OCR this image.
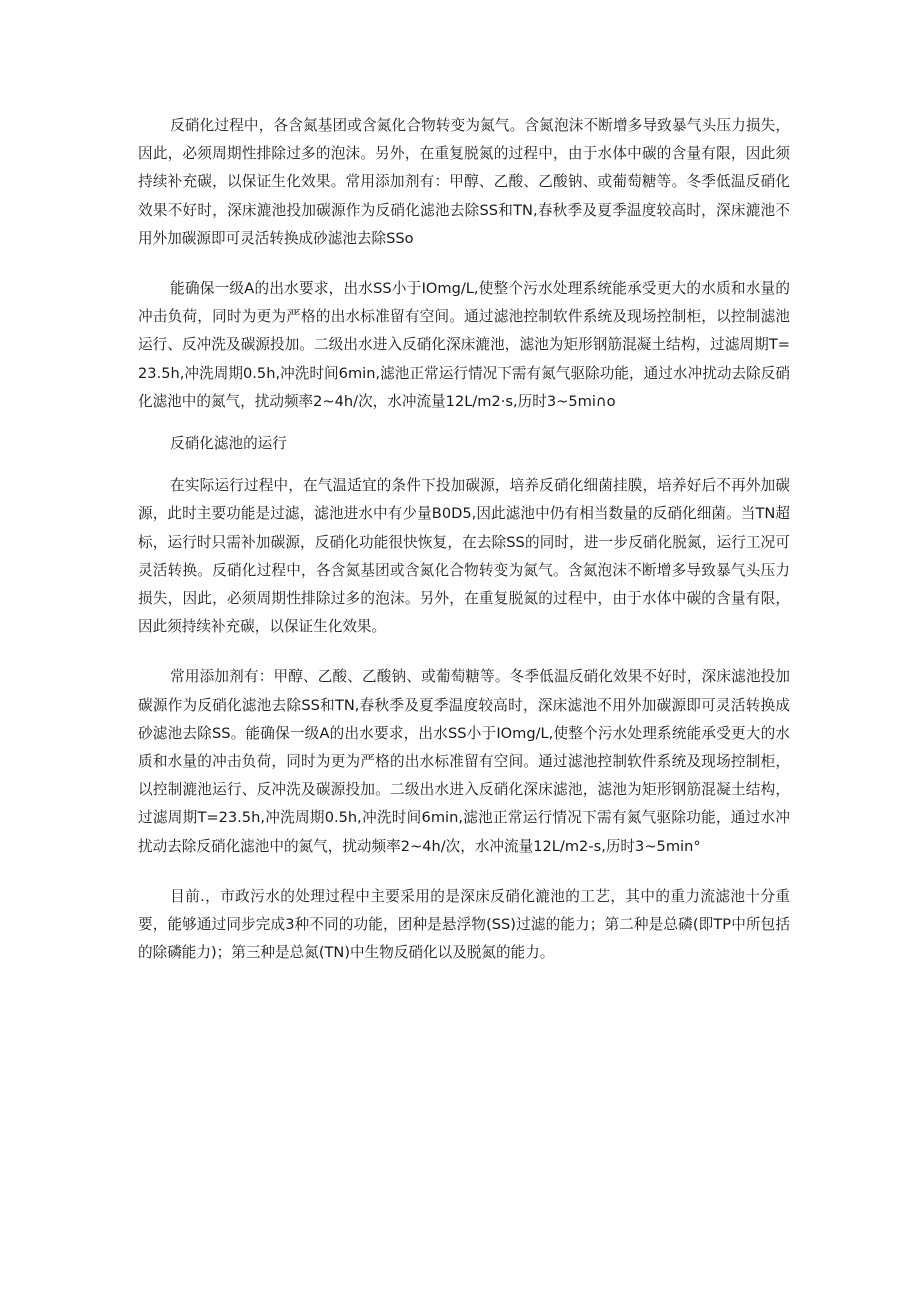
反硝化过程中，各含氮基团或含氮化合物转变为氮气。含氮泡沫不断增多导致暴气头压力损失，因此，必须周期性排除过多的泡沫。另外，在重复脱氮的过程中，由于水体中碳的含量有限，因此须持续补充碳，以保证生化效果。常用添加剂有：甲醇、乙酸、乙酸钠、或葡萄糖等。冬季低温反硝化效果不好时，深床漉池投加碳源作为反硝化滤池去除SS和TN,春秋季及夏季温度较高时，深床漉池不用外加碳源即可灵活转换成砂滤池去除SSo

能确保一级A的出水要求，出水SS小于IOmg/L,使整个污水处理系统能承受更大的水质和水量的冲击负荷，同时为更为严格的出水标准留有空间。通过滤池控制软件系统及现场控制柜，以控制滤池运行、反冲洗及碳源投加。二级出水进入反硝化深床漉池，滤池为矩形钢筋混凝土结构，过滤周期T=23.5h,冲洗周期0.5h,冲洗时间6min,滤池正常运行情况下需有氮气驱除功能，通过水冲扰动去除反硝化滤池中的氮气，扰动频率2~4h∕次，水冲流量12L∕m2·s,历时3~5mi∩o

反硝化滤池的运行

在实际运行过程中，在气温适宜的条件下投加碳源，培养反硝化细菌挂膜，培养好后不再外加碳源，此时主要功能是过滤，滤池进水中有少量B0D5,因此滤池中仍有相当数量的反硝化细菌。当TN超标，运行时只需补加碳源，反硝化功能很快恢复，在去除SS的同时，进一步反硝化脱氮，运行工况可灵活转换。反硝化过程中，各含氮基团或含氮化合物转变为氮气。含氮泡沫不断增多导致暴气头压力损失，因此，必须周期性排除过多的泡沫。另外，在重复脱氮的过程中，由于水体中碳的含量有限，因此须持续补充碳，以保证生化效果。

常用添加剂有：甲醇、乙酸、乙酸钠、或葡萄糖等。冬季低温反硝化效果不好时，深床滤池投加碳源作为反硝化滤池去除SS和TN,春秋季及夏季温度较高时，深床滤池不用外加碳源即可灵活转换成砂滤池去除SS。能确保一级A的出水要求，出水SS小于IOmg/L,使整个污水处理系统能承受更大的水质和水量的冲击负荷，同时为更为严格的出水标准留有空间。通过滤池控制软件系统及现场控制柜，以控制漉池运行、反冲洗及碳源投加。二级出水进入反硝化深床滤池，滤池为矩形钢筋混凝土结构，过滤周期T=23.5h,冲洗周期0.5h,冲洗时间6min,滤池正常运行情况下需有氮气驱除功能，通过水冲扰动去除反硝化滤池中的氮气，扰动频率2~4h∕次，水冲流量12L∕m2-s,历时3~5min°

目前.，市政污水的处理过程中主要采用的是深床反硝化漉池的工艺，其中的重力流滤池十分重要，能够通过同步完成3种不同的功能，团种是悬浮物(SS)过滤的能力；第二种是总磷(即TP中所包括的除磷能力)；第三种是总氮(TN)中生物反硝化以及脱氮的能力。
